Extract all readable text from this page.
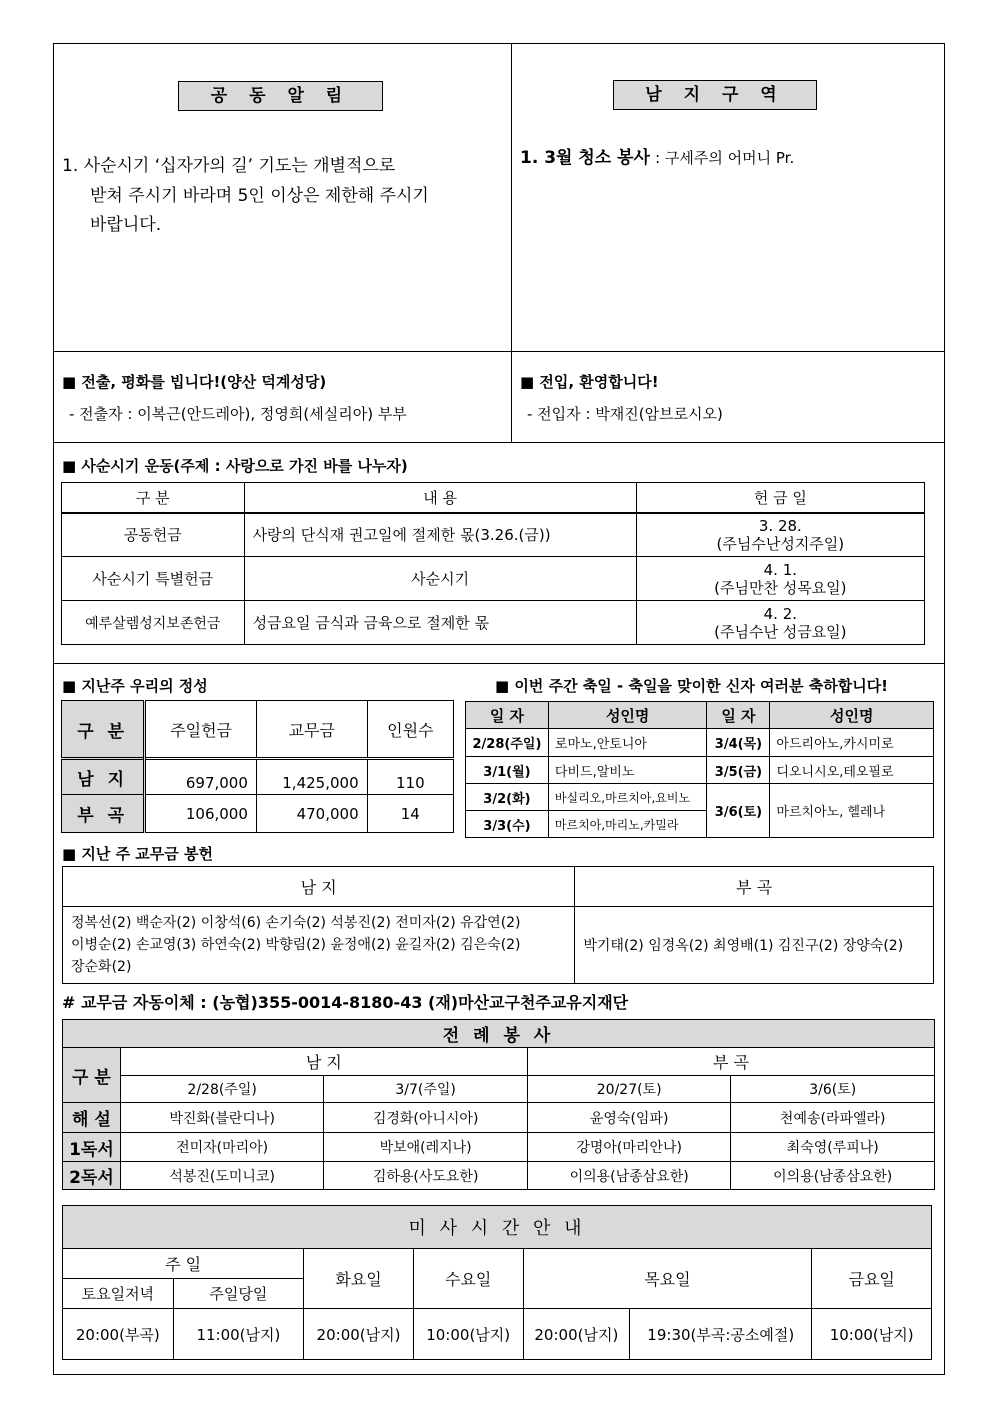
공 동 알 림
1. 사순시기 ‘십자가의 길’ 기도는 개별적으로
받쳐 주시기 바라며 5인 이상은 제한해 주시기
바랍니다.
남 지 구 역
1. 3월 청소 봉사 : 구세주의 어머니 Pr.
■ 전출, 평화를 빕니다!(양산 덕계성당)
- 전출자 : 이복근(안드레아), 정영희(세실리아) 부부
■ 전입, 환영합니다!
- 전입자 : 박재진(암브로시오)
■ 사순시기 운동(주제 : 사랑으로 가진 바를 나누자)
구 분	내 용	헌 금 일
공동헌금	사랑의 단식재 권고일에 절제한 몫(3.26.(금))	3. 28.
(주님수난성지주일)

사순시기 특별헌금	사순시기	4. 1.
(주님만찬 성목요일)

예루살렘성지보존헌금	성금요일 금식과 금육으로 절제한 몫	4. 2.
(주님수난 성금요일)
■ 지난주 우리의 정성
구 분	주일헌금	교무금	인원수
남 지	697,000	1,425,000	110
부 곡	106,000	470,000	14
■ 이번 주간 축일 - 축일을 맞이한 신자 여러분 축하합니다!
일 자	성인명	일 자	성인명
2/28(주일)	로마노,안토니아	3/4(목)	아드리아노,카시미로
3/1(월)	다비드,알비노	3/5(금)	디오니시오,테오필로
3/2(화)	바실리오,마르치아,요비노	3/6(토)	마르치아노, 헬레나
3/3(수)	마르치아,마리노,카밀라		
■ 지난 주 교무금 봉헌
남 지	부 곡

정복선(2) 백순자(2) 이창석(6) 손기숙(2) 석봉진(2) 전미자(2) 유갑연(2)
이병순(2) 손교영(3) 하연숙(2) 박향림(2) 윤정애(2) 윤길자(2) 김은숙(2)
장순화(2)	박기태(2) 임경옥(2) 최영배(1) 김진구(2) 장양숙(2)
# 교무금 자동이체 : (농협)355-0014-8180-43 (재)마산교구천주교유지재단
전 례 봉 사				
구 분	남 지		부 곡	
	2/28(주일)	3/7(주일)	20/27(토)	3/6(토)
해 설	박진화(블란디나)	김경화(아니시아)	윤영숙(임파)	천예송(라파엘라)
1독서	전미자(마리아)	박보애(레지나)	강명아(마리안나)	최숙영(루피나)
2독서	석봉진(도미니코)	김하용(사도요한)	이의용(남종삼요한)	이의용(남종삼요한)
미 사 시 간 안 내						
주 일		화요일	수요일	목요일		금요일
토요일저녁	주일당일					
20:00(부곡)	11:00(남지)	20:00(남지)	10:00(남지)	20:00(남지)	19:30(부곡:공소예절)	10:00(남지)
